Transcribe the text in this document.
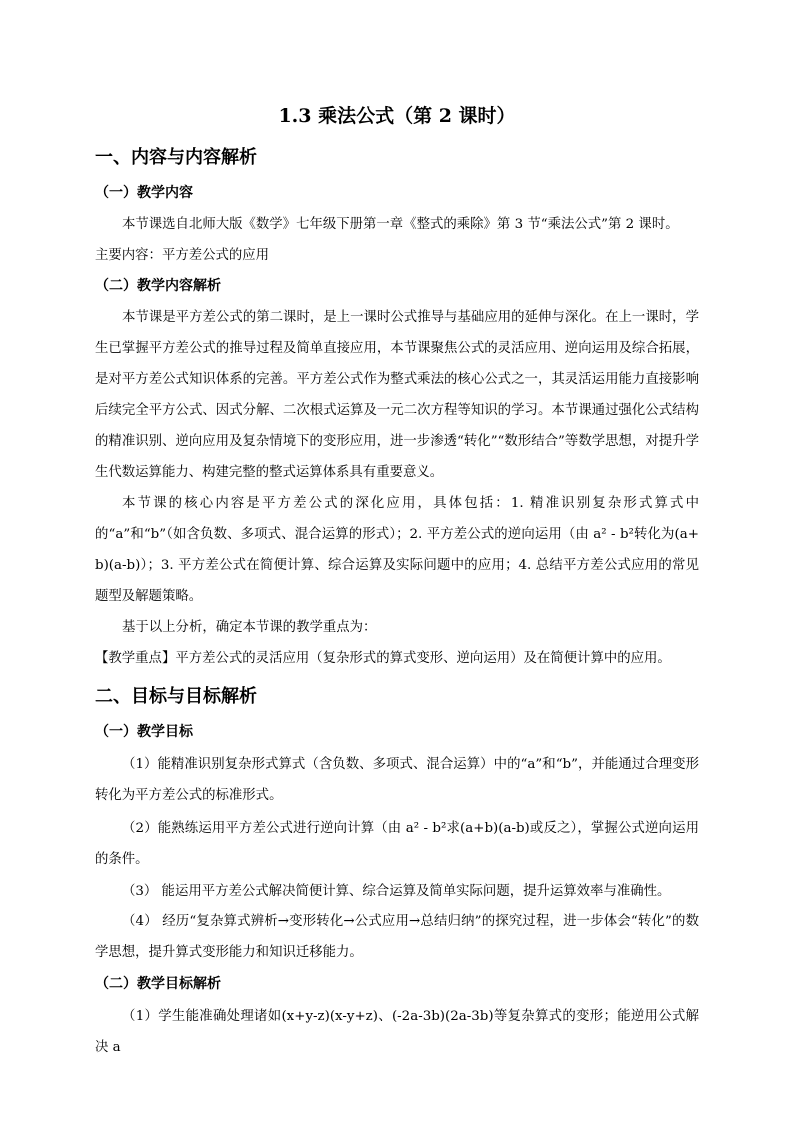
1.3 乘法公式（第 2 课时）
一、内容与内容解析
（一）教学内容
本节课选自北师大版《数学》七年级下册第一章《整式的乘除》第 3 节“乘法公式”第 2 课时。
主要内容：平方差公式的应用
（二）教学内容解析
本节课是平方差公式的第二课时，是上一课时公式推导与基础应用的延伸与深化。在上一课时，学生已掌握平方差公式的推导过程及简单直接应用，本节课聚焦公式的灵活应用、逆向运用及综合拓展，是对平方差公式知识体系的完善。平方差公式作为整式乘法的核心公式之一，其灵活运用能力直接影响后续完全平方公式、因式分解、二次根式运算及一元二次方程等知识的学习。本节课通过强化公式结构的精准识别、逆向应用及复杂情境下的变形应用，进一步渗透“转化”“数形结合”等数学思想，对提升学生代数运算能力、构建完整的整式运算体系具有重要意义。
本节课的核心内容是平方差公式的深化应用，具体包括：1. 精准识别复杂形式算式中的“a”和“b”（如含负数、多项式、混合运算的形式）；2. 平方差公式的逆向运用（由 a² - b²转化为(a+b)(a-b)）；3. 平方差公式在简便计算、综合运算及实际问题中的应用；4. 总结平方差公式应用的常见题型及解题策略。
基于以上分析，确定本节课的教学重点为：
【教学重点】平方差公式的灵活应用（复杂形式的算式变形、逆向运用）及在简便计算中的应用。
二、目标与目标解析
（一）教学目标
（1）能精准识别复杂形式算式（含负数、多项式、混合运算）中的“a”和“b”，并能通过合理变形转化为平方差公式的标准形式。
（2）能熟练运用平方差公式进行逆向计算（由 a² - b²求(a+b)(a-b)或反之），掌握公式逆向运用的条件。
（3） 能运用平方差公式解决简便计算、综合运算及简单实际问题，提升运算效率与准确性。
（4） 经历“复杂算式辨析→变形转化→公式应用→总结归纳”的探究过程，进一步体会“转化”的数学思想，提升算式变形能力和知识迁移能力。
（二）教学目标解析
（1）学生能准确处理诸如(x+y-z)(x-y+z)、(-2a-3b)(2a-3b)等复杂算式的变形；能逆用公式解决 a
